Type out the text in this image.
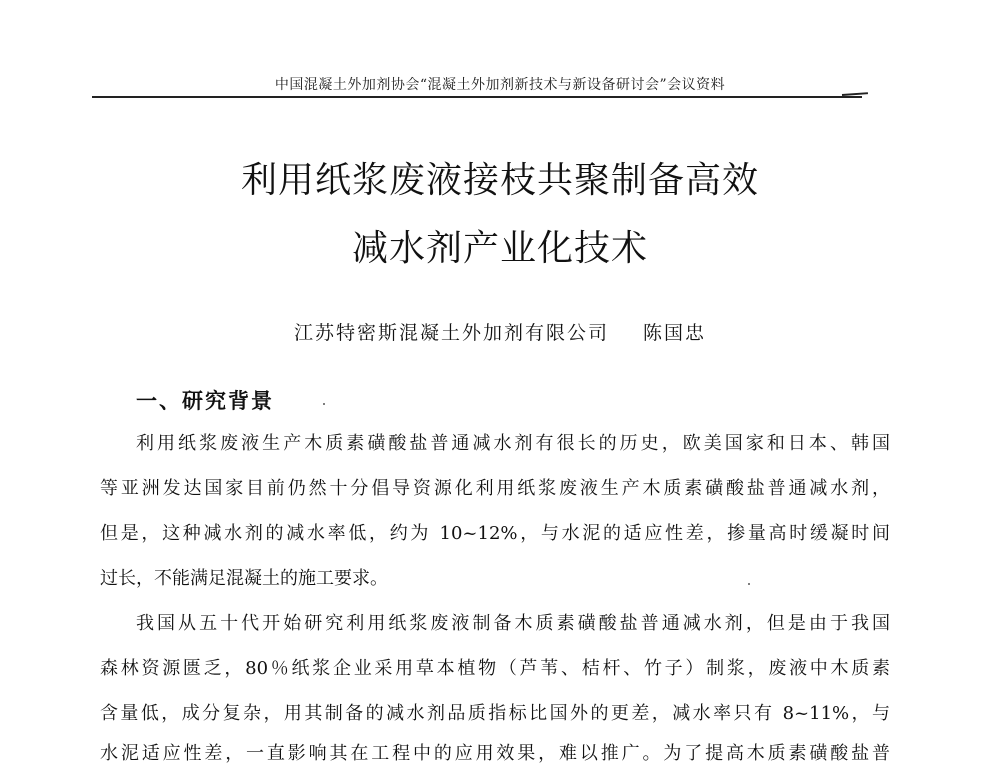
中国混凝土外加剂协会“混凝土外加剂新技术与新设备研讨会”会议资料
利用纸浆废液接枝共聚制备高效
减水剂产业化技术
江苏特密斯混凝土外加剂有限公司 陈国忠
一、研究背景
利用纸浆废液生产木质素磺酸盐普通减水剂有很长的历史，欧美国家和日本、韩国
等亚洲发达国家目前仍然十分倡导资源化利用纸浆废液生产木质素磺酸盐普通减水剂，
但是，这种减水剂的减水率低，约为 10~12%，与水泥的适应性差，掺量高时缓凝时间
过长，不能满足混凝土的施工要求。
我国从五十代开始研究利用纸浆废液制备木质素磺酸盐普通减水剂，但是由于我国
森林资源匮乏，80％纸浆企业采用草本植物（芦苇、桔杆、竹子）制浆，废液中木质素
含量低，成分复杂，用其制备的减水剂品质指标比国外的更差，减水率只有 8~11%，与
水泥适应性差，一直影响其在工程中的应用效果，难以推广。为了提高木质素磺酸盐普
